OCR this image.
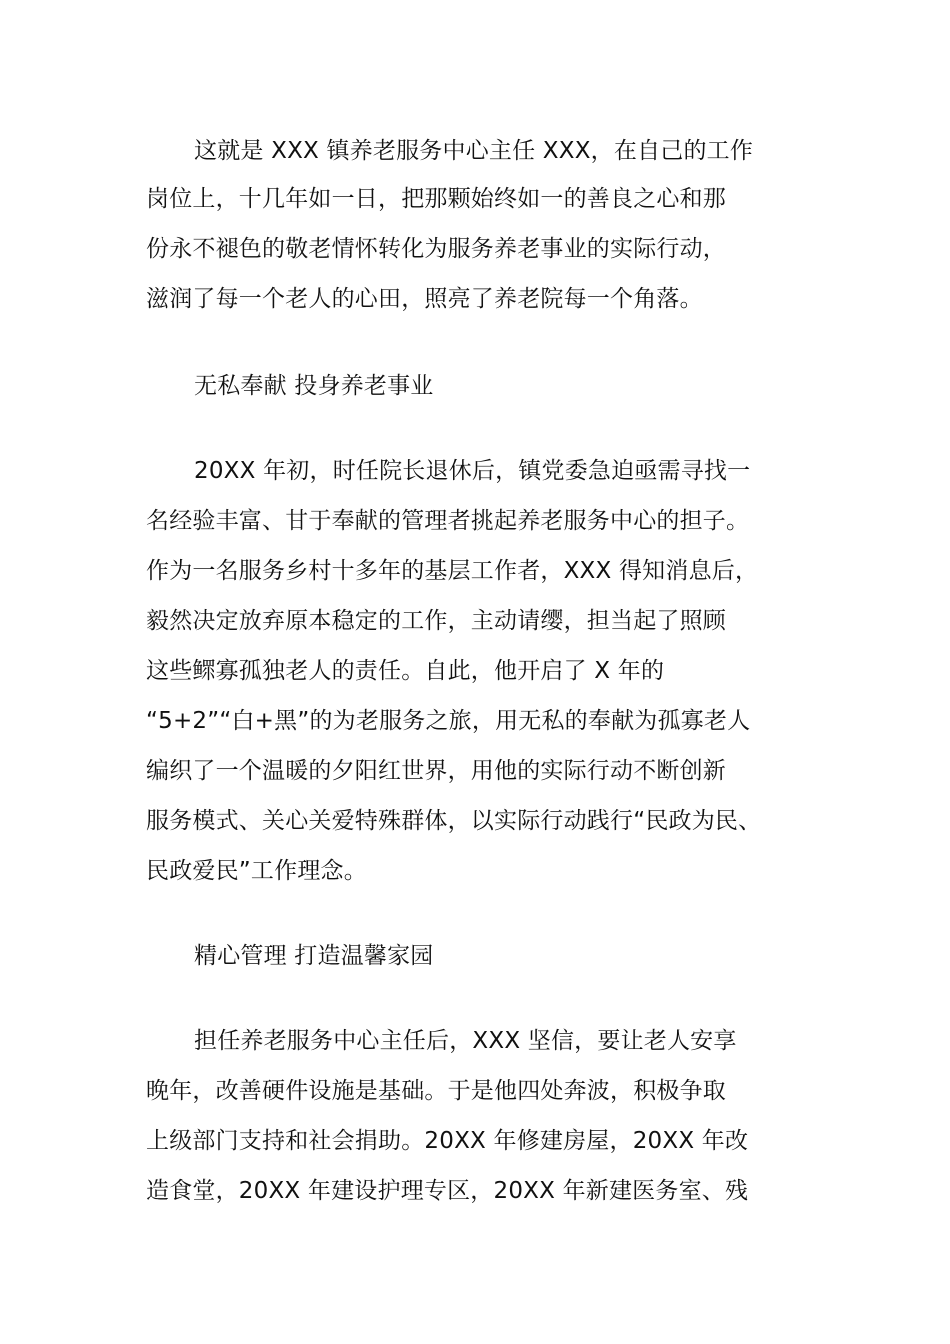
这就是 XXX 镇养老服务中心主任 XXX，在自己的工作
岗位上，十几年如一日，把那颗始终如一的善良之心和那
份永不褪色的敬老情怀转化为服务养老事业的实际行动，
滋润了每一个老人的心田，照亮了养老院每一个角落。
无私奉献 投身养老事业
20XX 年初，时任院长退休后，镇党委急迫亟需寻找一
名经验丰富、甘于奉献的管理者挑起养老服务中心的担子。
作为一名服务乡村十多年的基层工作者，XXX 得知消息后，
毅然决定放弃原本稳定的工作，主动请缨，担当起了照顾
这些鳏寡孤独老人的责任。自此，他开启了 X 年的
“5+2”“白+黑”的为老服务之旅，用无私的奉献为孤寡老人
编织了一个温暖的夕阳红世界，用他的实际行动不断创新
服务模式、关心关爱特殊群体，以实际行动践行“民政为民、
民政爱民”工作理念。
精心管理 打造温馨家园
担任养老服务中心主任后，XXX 坚信，要让老人安享
晚年，改善硬件设施是基础。于是他四处奔波，积极争取
上级部门支持和社会捐助。20XX 年修建房屋，20XX 年改
造食堂，20XX 年建设护理专区，20XX 年新建医务室、残
